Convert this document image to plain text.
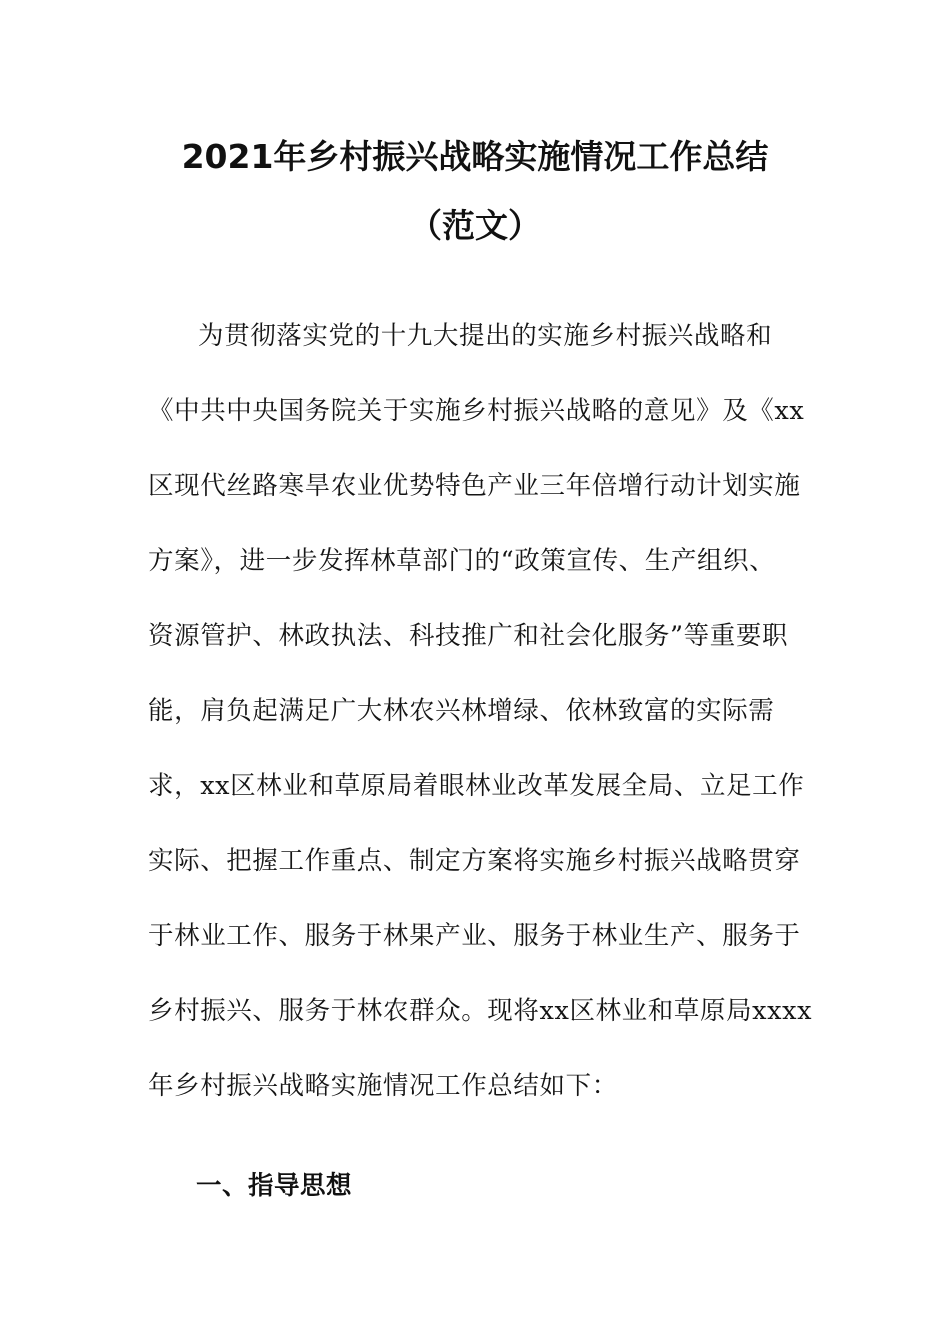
2021年乡村振兴战略实施情况工作总结
（范文）
为贯彻落实党的十九大提出的实施乡村振兴战略和
《中共中央国务院关于实施乡村振兴战略的意见》及《xx
区现代丝路寒旱农业优势特色产业三年倍增行动计划实施
方案》，进一步发挥林草部门的“政策宣传、生产组织、
资源管护、林政执法、科技推广和社会化服务”等重要职
能，肩负起满足广大林农兴林增绿、依林致富的实际需
求，xx区林业和草原局着眼林业改革发展全局、立足工作
实际、把握工作重点、制定方案将实施乡村振兴战略贯穿
于林业工作、服务于林果产业、服务于林业生产、服务于
乡村振兴、服务于林农群众。现将xx区林业和草原局xxxx
年乡村振兴战略实施情况工作总结如下：
一、指导思想
